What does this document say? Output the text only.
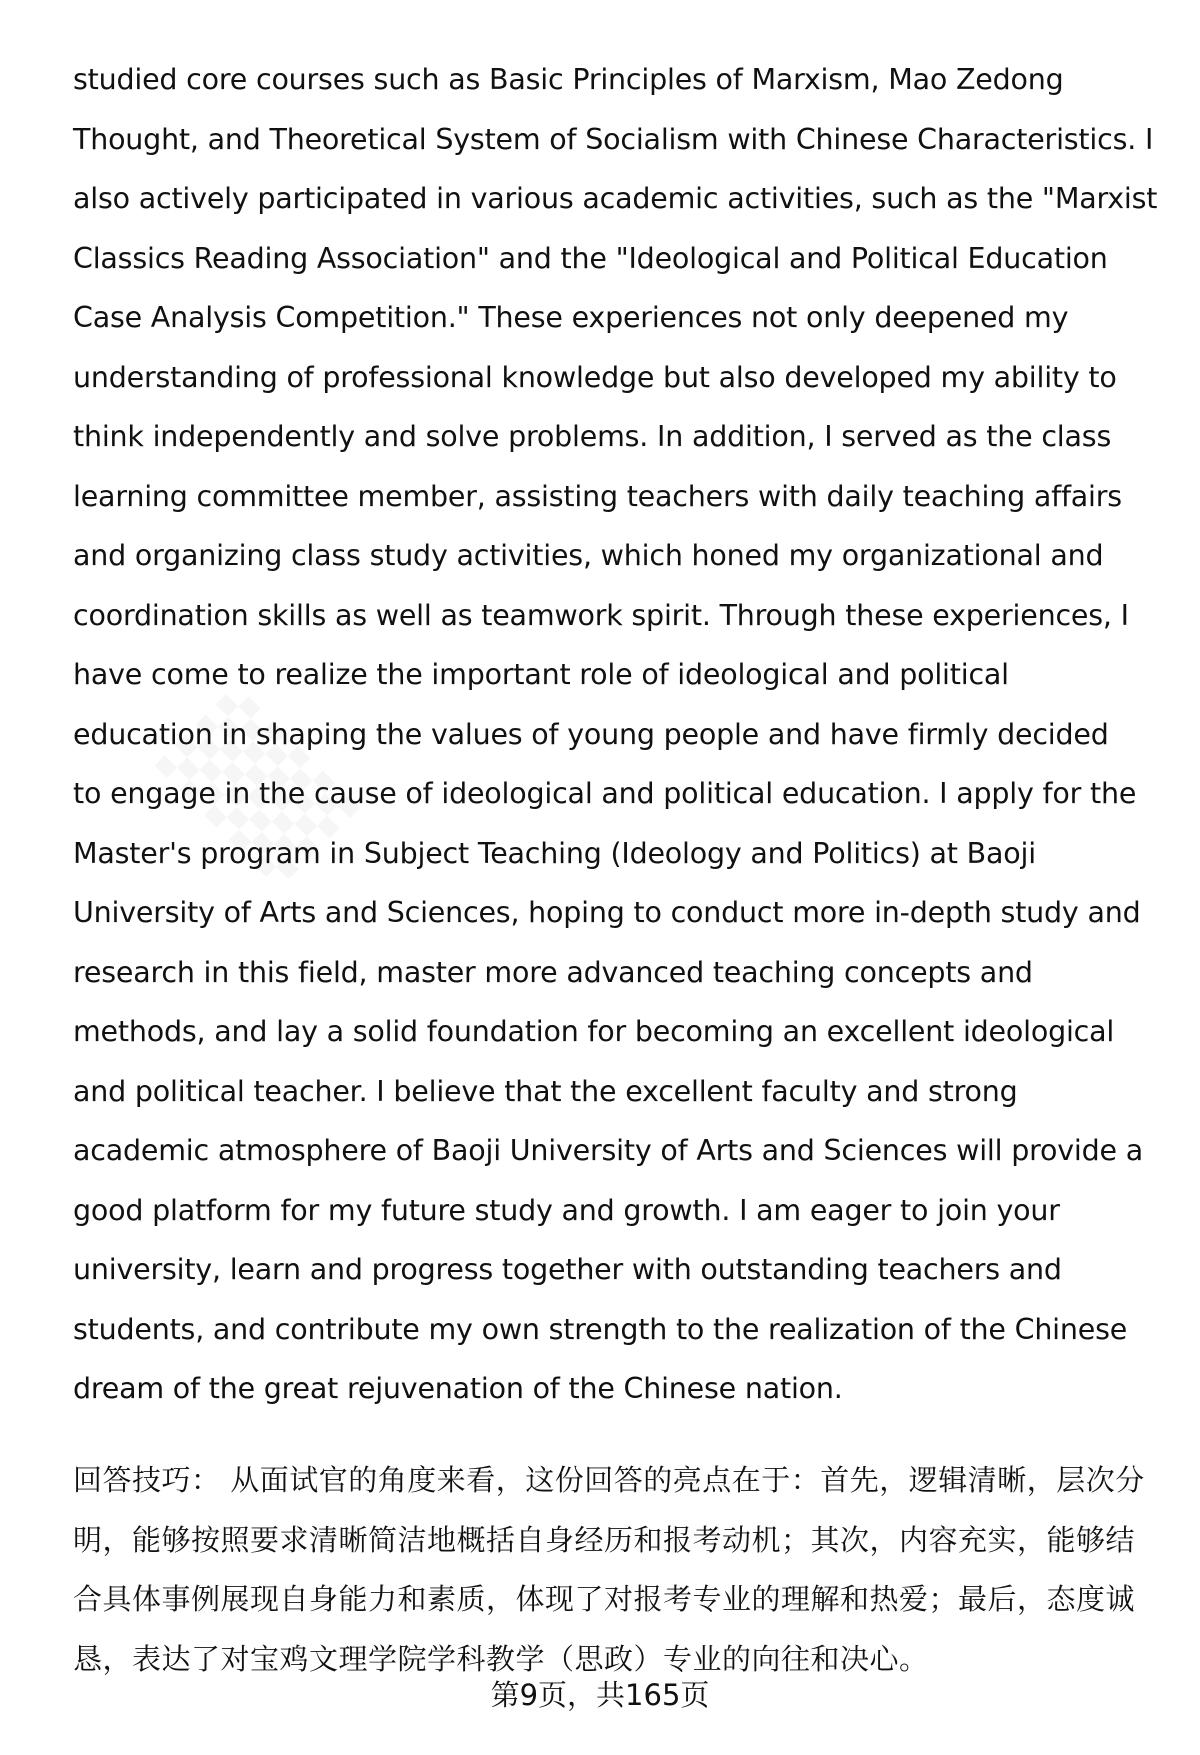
studied core courses such as Basic Principles of Marxism, Mao Zedong
Thought, and Theoretical System of Socialism with Chinese Characteristics. I
also actively participated in various academic activities, such as the "Marxist
Classics Reading Association" and the "Ideological and Political Education
Case Analysis Competition." These experiences not only deepened my
understanding of professional knowledge but also developed my ability to
think independently and solve problems. In addition, I served as the class
learning committee member, assisting teachers with daily teaching affairs
and organizing class study activities, which honed my organizational and
coordination skills as well as teamwork spirit. Through these experiences, I
have come to realize the important role of ideological and political
education in shaping the values of young people and have firmly decided
to engage in the cause of ideological and political education. I apply for the
Master's program in Subject Teaching (Ideology and Politics) at Baoji
University of Arts and Sciences, hoping to conduct more in-depth study and
research in this field, master more advanced teaching concepts and
methods, and lay a solid foundation for becoming an excellent ideological
and political teacher. I believe that the excellent faculty and strong
academic atmosphere of Baoji University of Arts and Sciences will provide a
good platform for my future study and growth. I am eager to join your
university, learn and progress together with outstanding teachers and
students, and contribute my own strength to the realization of the Chinese
dream of the great rejuvenation of the Chinese nation.
回答技巧： 从面试官的角度来看，这份回答的亮点在于：首先，逻辑清晰，层次分
明，能够按照要求清晰简洁地概括自身经历和报考动机；其次，内容充实，能够结
合具体事例展现自身能力和素质，体现了对报考专业的理解和热爱；最后，态度诚
恳，表达了对宝鸡文理学院学科教学（思政）专业的向往和决心。
第9页，共165页
